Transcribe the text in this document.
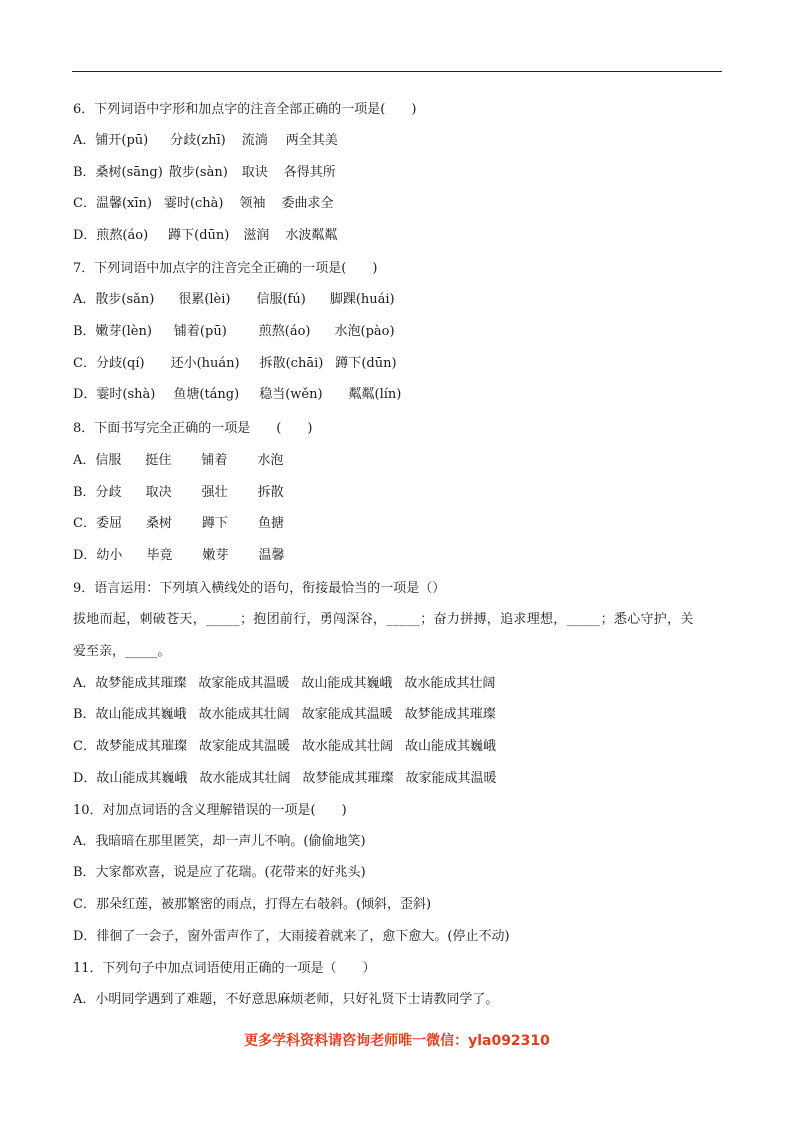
6．下列词语中字形和加点字的注音全部正确的一项是(　　)
A．铺开(pū) 分歧(zhī) 流淌 两全其美
B．桑树(sāng) 散步(sàn) 取诀 各得其所
C．温馨(xīn) 霎时(chà) 领袖 委曲求全
D．煎熬(áo) 蹲下(dūn) 滋润 水波粼粼
7．下列词语中加点字的注音完全正确的一项是(　　)
A．散步(sǎn) 很累(lèi) 信服(fú) 脚踝(huái)
B．嫩芽(lèn) 铺着(pū) 煎熬(áo) 水泡(pào)
C．分歧(qí) 还小(huán) 拆散(chāi) 蹲下(dūn)
D．霎时(shà) 鱼塘(táng) 稳当(wěn) 粼粼(lín)
8．下面书写完全正确的一项是　　(　　)
A．信服 挺住 铺着 水泡
B．分歧 取决 强壮 拆散
C．委屈 桑树 蹲下 鱼搪
D．幼小 毕竟 嫩芽 温馨
9．语言运用：下列填入横线处的语句，衔接最恰当的一项是（）
拔地而起，刺破苍天，_____；抱团前行，勇闯深谷，_____；奋力拼搏，追求理想，_____；悉心守护，关
爱至亲，_____。
A．故梦能成其璀璨 故家能成其温暖 故山能成其巍峨 故水能成其壮阔
B．故山能成其巍峨 故水能成其壮阔 故家能成其温暖 故梦能成其璀璨
C．故梦能成其璀璨 故家能成其温暖 故水能成其壮阔 故山能成其巍峨
D．故山能成其巍峨 故水能成其壮阔 故梦能成其璀璨 故家能成其温暖
10．对加点词语的含义理解错误的一项是(　　)
A．我暗暗在那里匿笑，却一声儿不响。(偷偷地笑)
B．大家都欢喜，说是应了花瑞。(花带来的好兆头)
C．那朵红莲，被那繁密的雨点，打得左右攲斜。(倾斜，歪斜)
D．徘徊了一会子，窗外雷声作了，大雨接着就来了，愈下愈大。(停止不动)
11．下列句子中加点词语使用正确的一项是（　　）
A．小明同学遇到了难题，不好意思麻烦老师，只好礼贤下士请教同学了。
更多学科资料请咨询老师唯一微信：yla092310
